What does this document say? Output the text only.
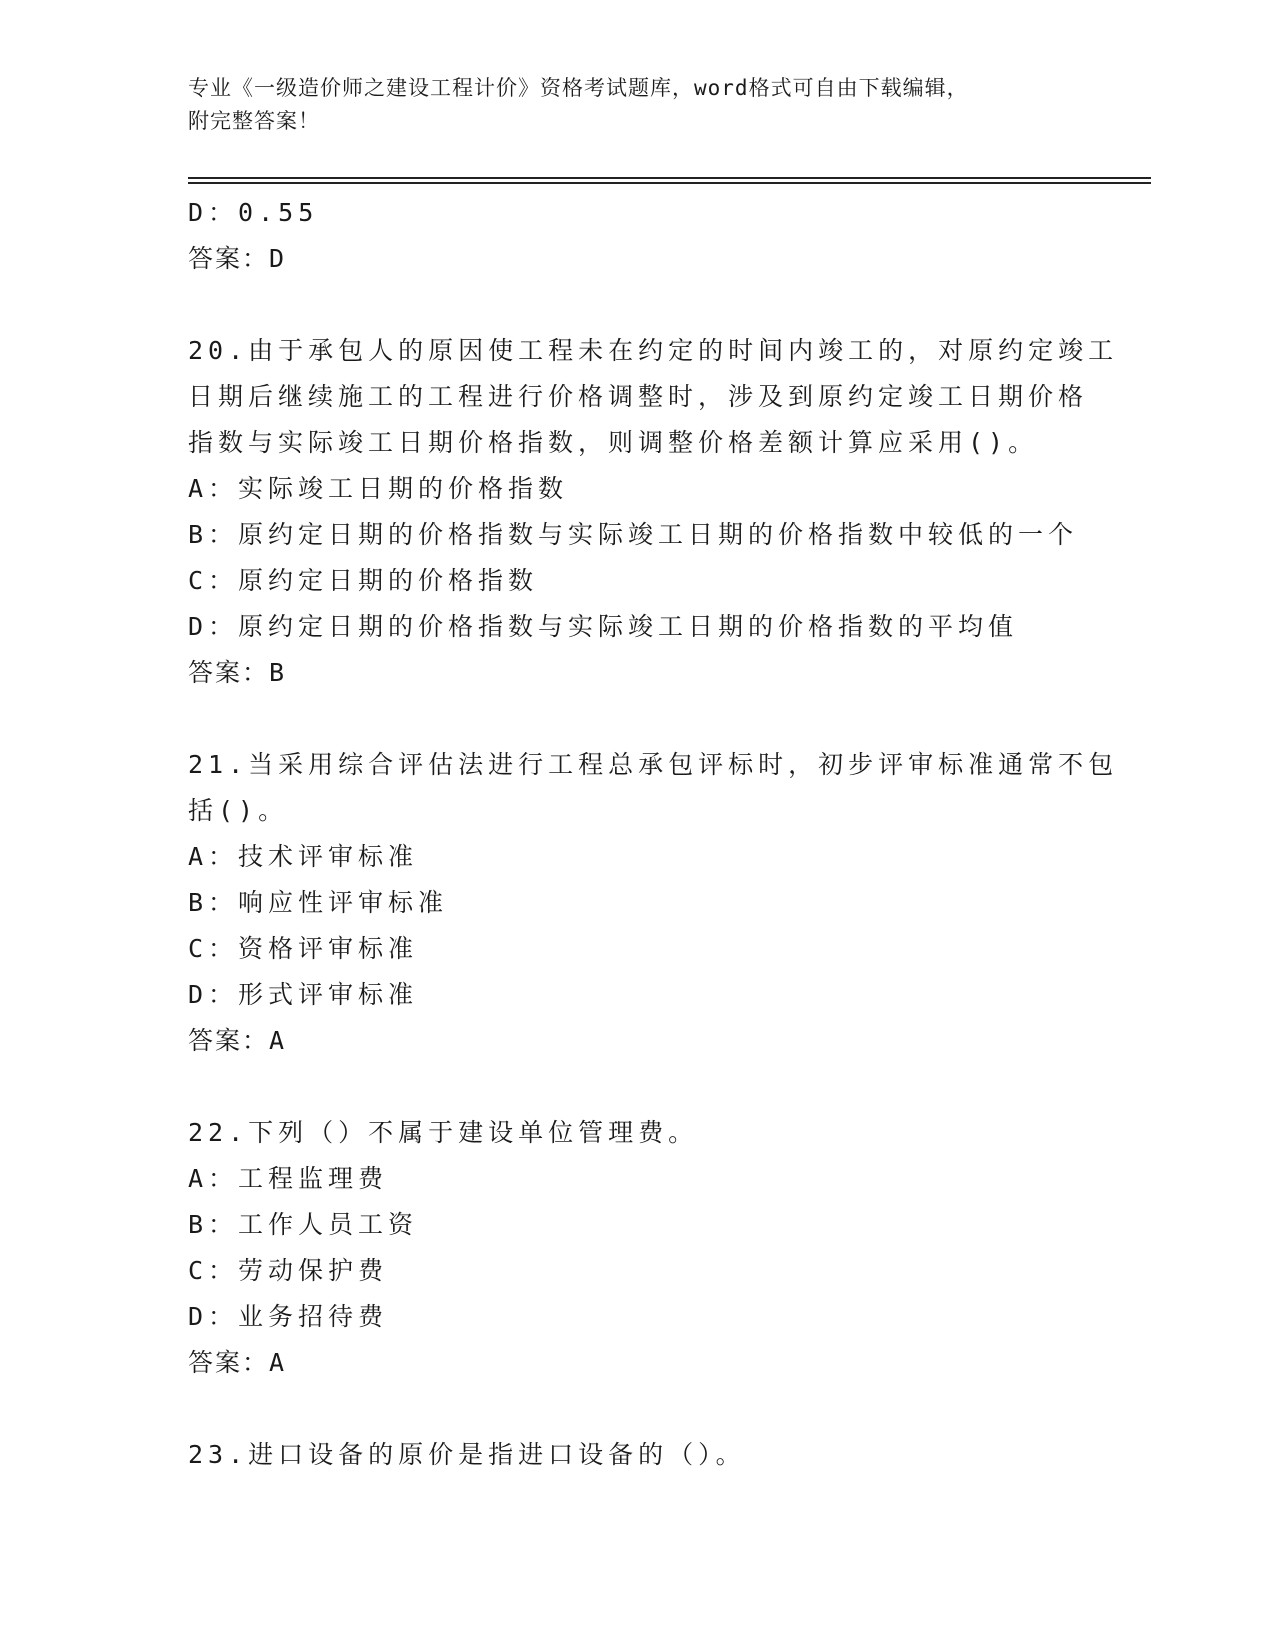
专业《一级造价师之建设工程计价》资格考试题库，word格式可自由下载编辑，
附完整答案！
D：0.55
答案：D
20.由于承包人的原因使工程未在约定的时间内竣工的，对原约定竣工
日期后继续施工的工程进行价格调整时，涉及到原约定竣工日期价格
指数与实际竣工日期价格指数，则调整价格差额计算应采用()。
A：实际竣工日期的价格指数
B：原约定日期的价格指数与实际竣工日期的价格指数中较低的一个
C：原约定日期的价格指数
D：原约定日期的价格指数与实际竣工日期的价格指数的平均值
答案：B
21.当采用综合评估法进行工程总承包评标时，初步评审标准通常不包
括()。
A：技术评审标准
B：响应性评审标准
C：资格评审标准
D：形式评审标准
答案：A
22.下列（）不属于建设单位管理费。
A：工程监理费
B：工作人员工资
C：劳动保护费
D：业务招待费
答案：A
23.进口设备的原价是指进口设备的（）。
